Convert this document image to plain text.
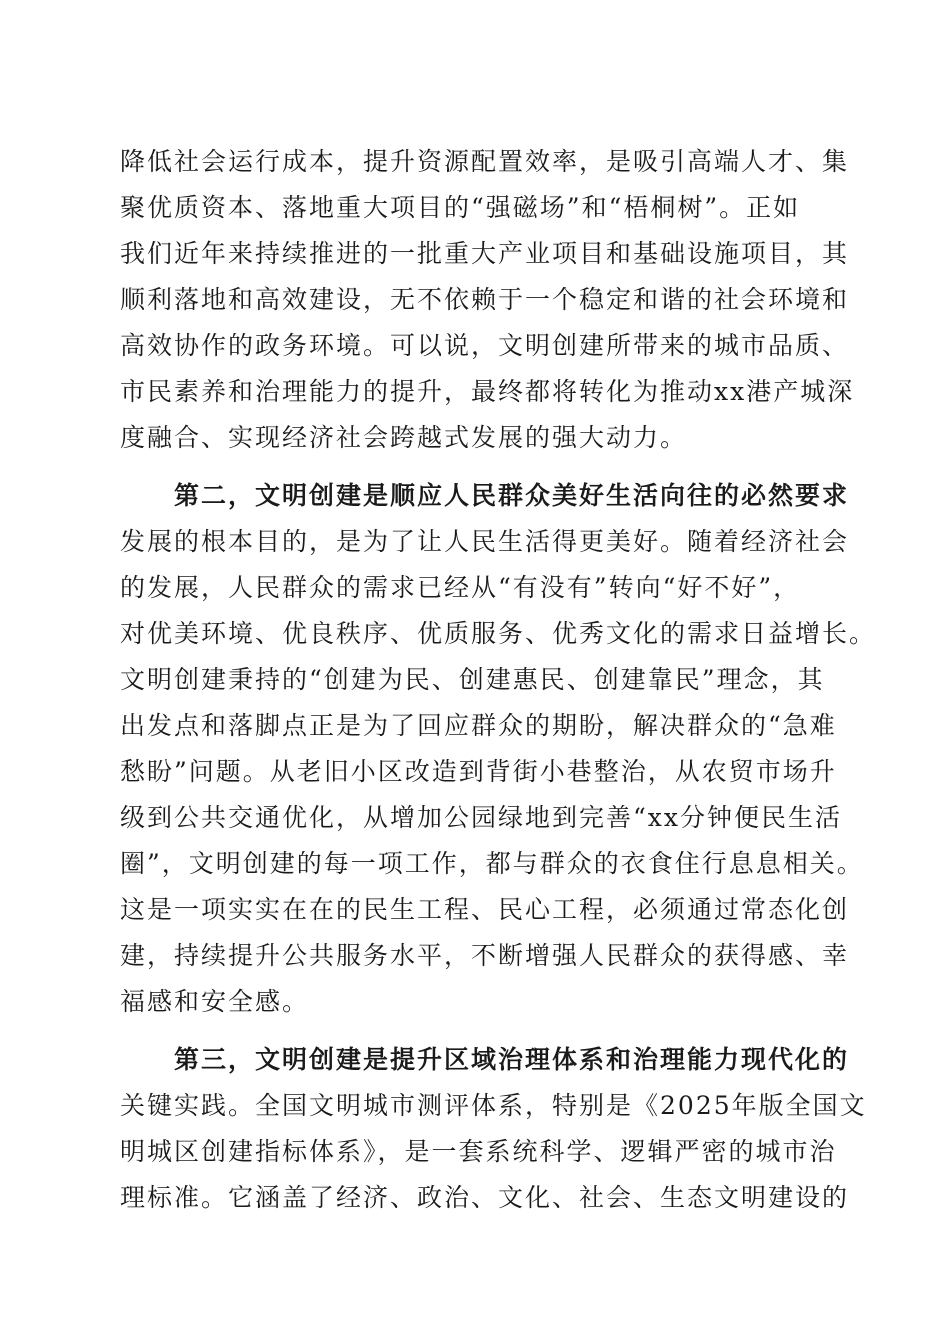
降低社会运行成本，提升资源配置效率，是吸引高端人才、集
聚优质资本、落地重大项目的“强磁场”和“梧桐树”。正如
我们近年来持续推进的一批重大产业项目和基础设施项目，其
顺利落地和高效建设，无不依赖于一个稳定和谐的社会环境和
高效协作的政务环境。可以说，文明创建所带来的城市品质、
市民素养和治理能力的提升，最终都将转化为推动xx港产城深
度融合、实现经济社会跨越式发展的强大动力。
第二，文明创建是顺应人民群众美好生活向往的必然要求
发展的根本目的，是为了让人民生活得更美好。随着经济社会
的发展，人民群众的需求已经从“有没有”转向“好不好”，
对优美环境、优良秩序、优质服务、优秀文化的需求日益增长。
文明创建秉持的“创建为民、创建惠民、创建靠民”理念，其
出发点和落脚点正是为了回应群众的期盼，解决群众的“急难
愁盼”问题。从老旧小区改造到背街小巷整治，从农贸市场升
级到公共交通优化，从增加公园绿地到完善“xx分钟便民生活
圈”，文明创建的每一项工作，都与群众的衣食住行息息相关。
这是一项实实在在的民生工程、民心工程，必须通过常态化创
建，持续提升公共服务水平，不断增强人民群众的获得感、幸
福感和安全感。
第三，文明创建是提升区域治理体系和治理能力现代化的
关键实践。全国文明城市测评体系，特别是《2025年版全国文
明城区创建指标体系》，是一套系统科学、逻辑严密的城市治
理标准。它涵盖了经济、政治、文化、社会、生态文明建设的
